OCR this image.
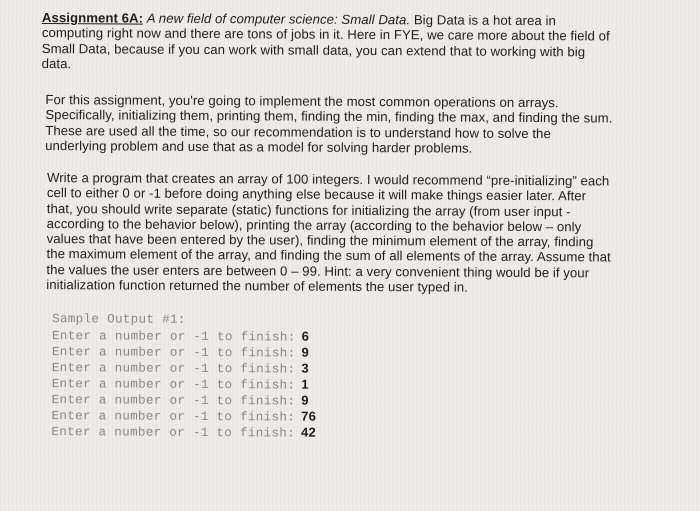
Assignment 6A: A new field of computer science: Small Data. Big Data is a hot area in computing right now and there are tons of jobs in it. Here in FYE, we care more about the field of Small Data, because if you can work with small data, you can extend that to working with big data.

For this assignment, you're going to implement the most common operations on arrays. Specifically, initializing them, printing them, finding the min, finding the max, and finding the sum. These are used all the time, so our recommendation is to understand how to solve the underlying problem and use that as a model for solving harder problems.

Write a program that creates an array of 100 integers. I would recommend “pre-initializing” each cell to either 0 or -1 before doing anything else because it will make things easier later. After that, you should write separate (static) functions for initializing the array (from user input - according to the behavior below), printing the array (according to the behavior below – only values that have been entered by the user), finding the minimum element of the array, finding the maximum element of the array, and finding the sum of all elements of the array. Assume that the values the user enters are between 0 – 99. Hint: a very convenient thing would be if your initialization function returned the number of elements the user typed in.

Sample Output #1:
Enter a number or -1 to finish: 6
Enter a number or -1 to finish: 9
Enter a number or -1 to finish: 3
Enter a number or -1 to finish: 1
Enter a number or -1 to finish: 9
Enter a number or -1 to finish: 76
Enter a number or -1 to finish: 42
